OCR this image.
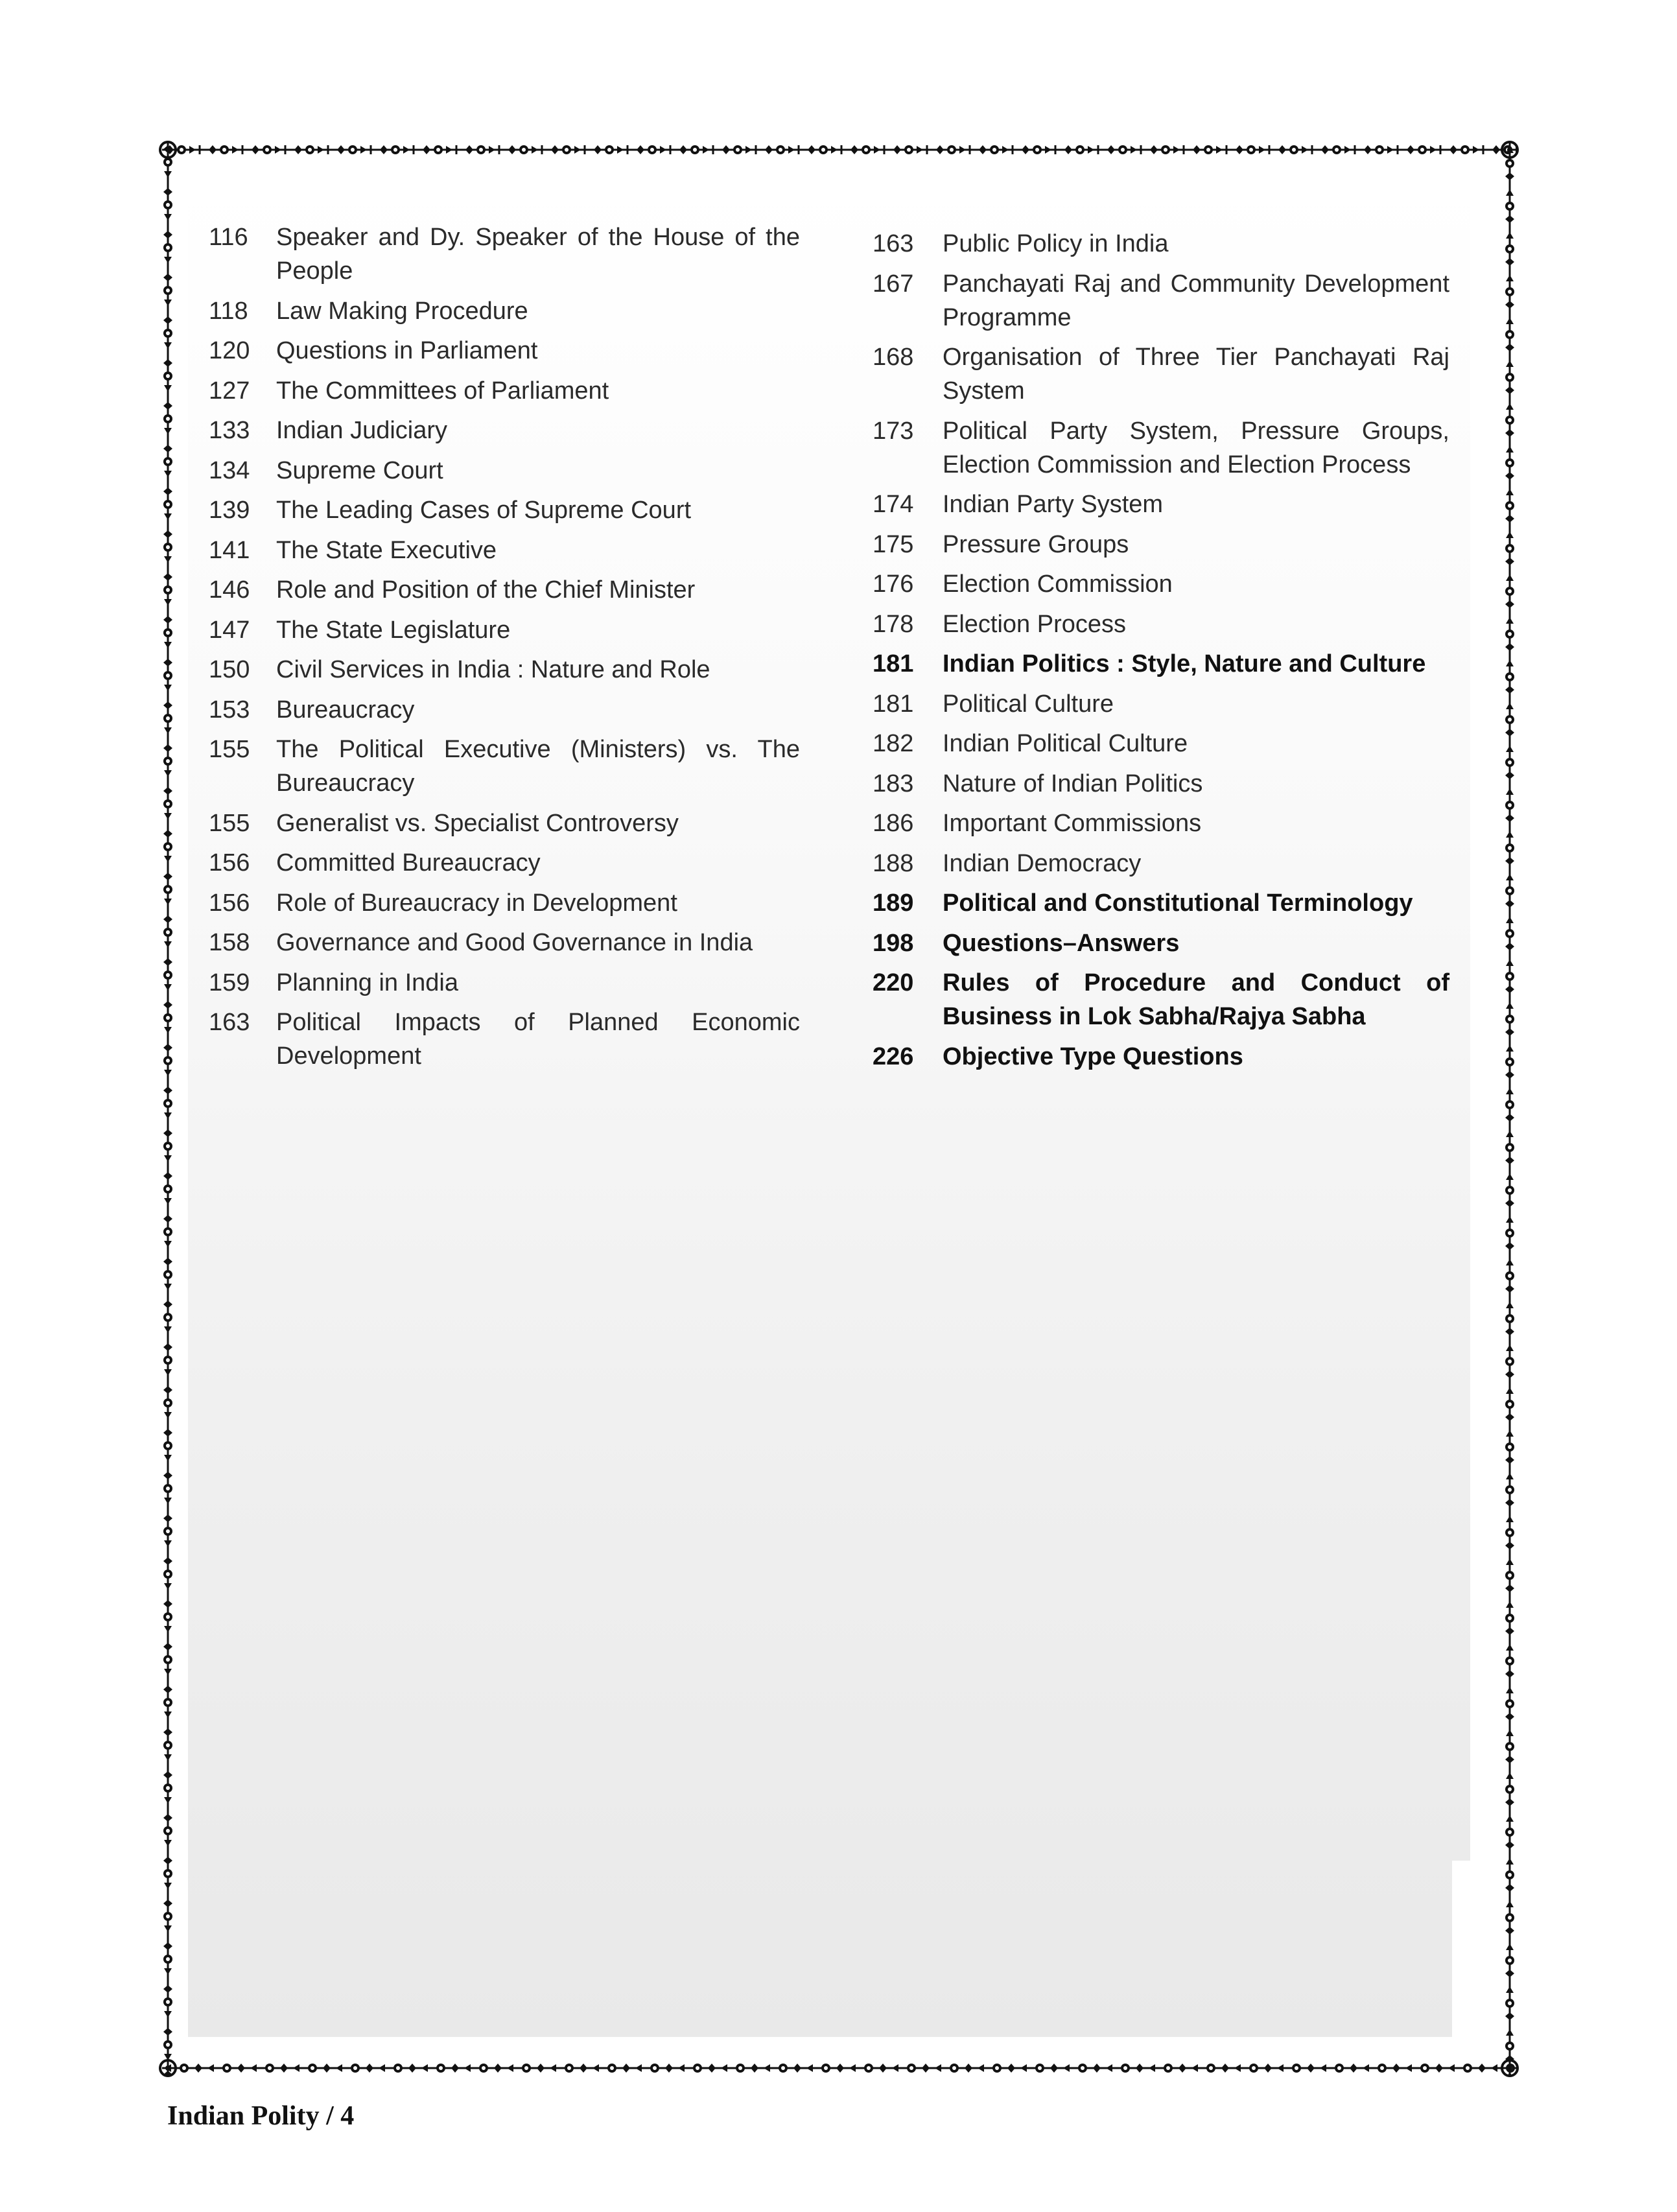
116	Speaker and Dy. Speaker of the House of the People
118	Law Making Procedure
120	Questions in Parliament
127	The Committees of Parliament
133	Indian Judiciary
134	Supreme Court
139	The Leading Cases of Supreme Court
141	The State Executive
146	Role and Position of the Chief Minister
147	The State Legislature
150	Civil Services in India : Nature and Role
153	Bureaucracy
155	The Political Executive (Ministers) vs. The Bureaucracy
155	Generalist vs. Specialist Controversy
156	Committed Bureaucracy
156	Role of Bureaucracy in Development
158	Governance and Good Governance in India
159	Planning in India
163	Political Impacts of Planned Economic Development
163	Public Policy in India
167	Panchayati Raj and Community Development Programme
168	Organisation of Three Tier Panchayati Raj System
173	Political Party System, Pressure Groups, Election Commission and Election Process
174	Indian Party System
175	Pressure Groups
176	Election Commission
178	Election Process
181	Indian Politics : Style, Nature and Culture
181	Political Culture
182	Indian Political Culture
183	Nature of Indian Politics
186	Important Commissions
188	Indian Democracy
189	Political and Constitutional Terminology
198	Questions–Answers
220	Rules of Procedure and Conduct of Business in Lok Sabha/Rajya Sabha
226	Objective Type Questions
Indian Polity / 4
